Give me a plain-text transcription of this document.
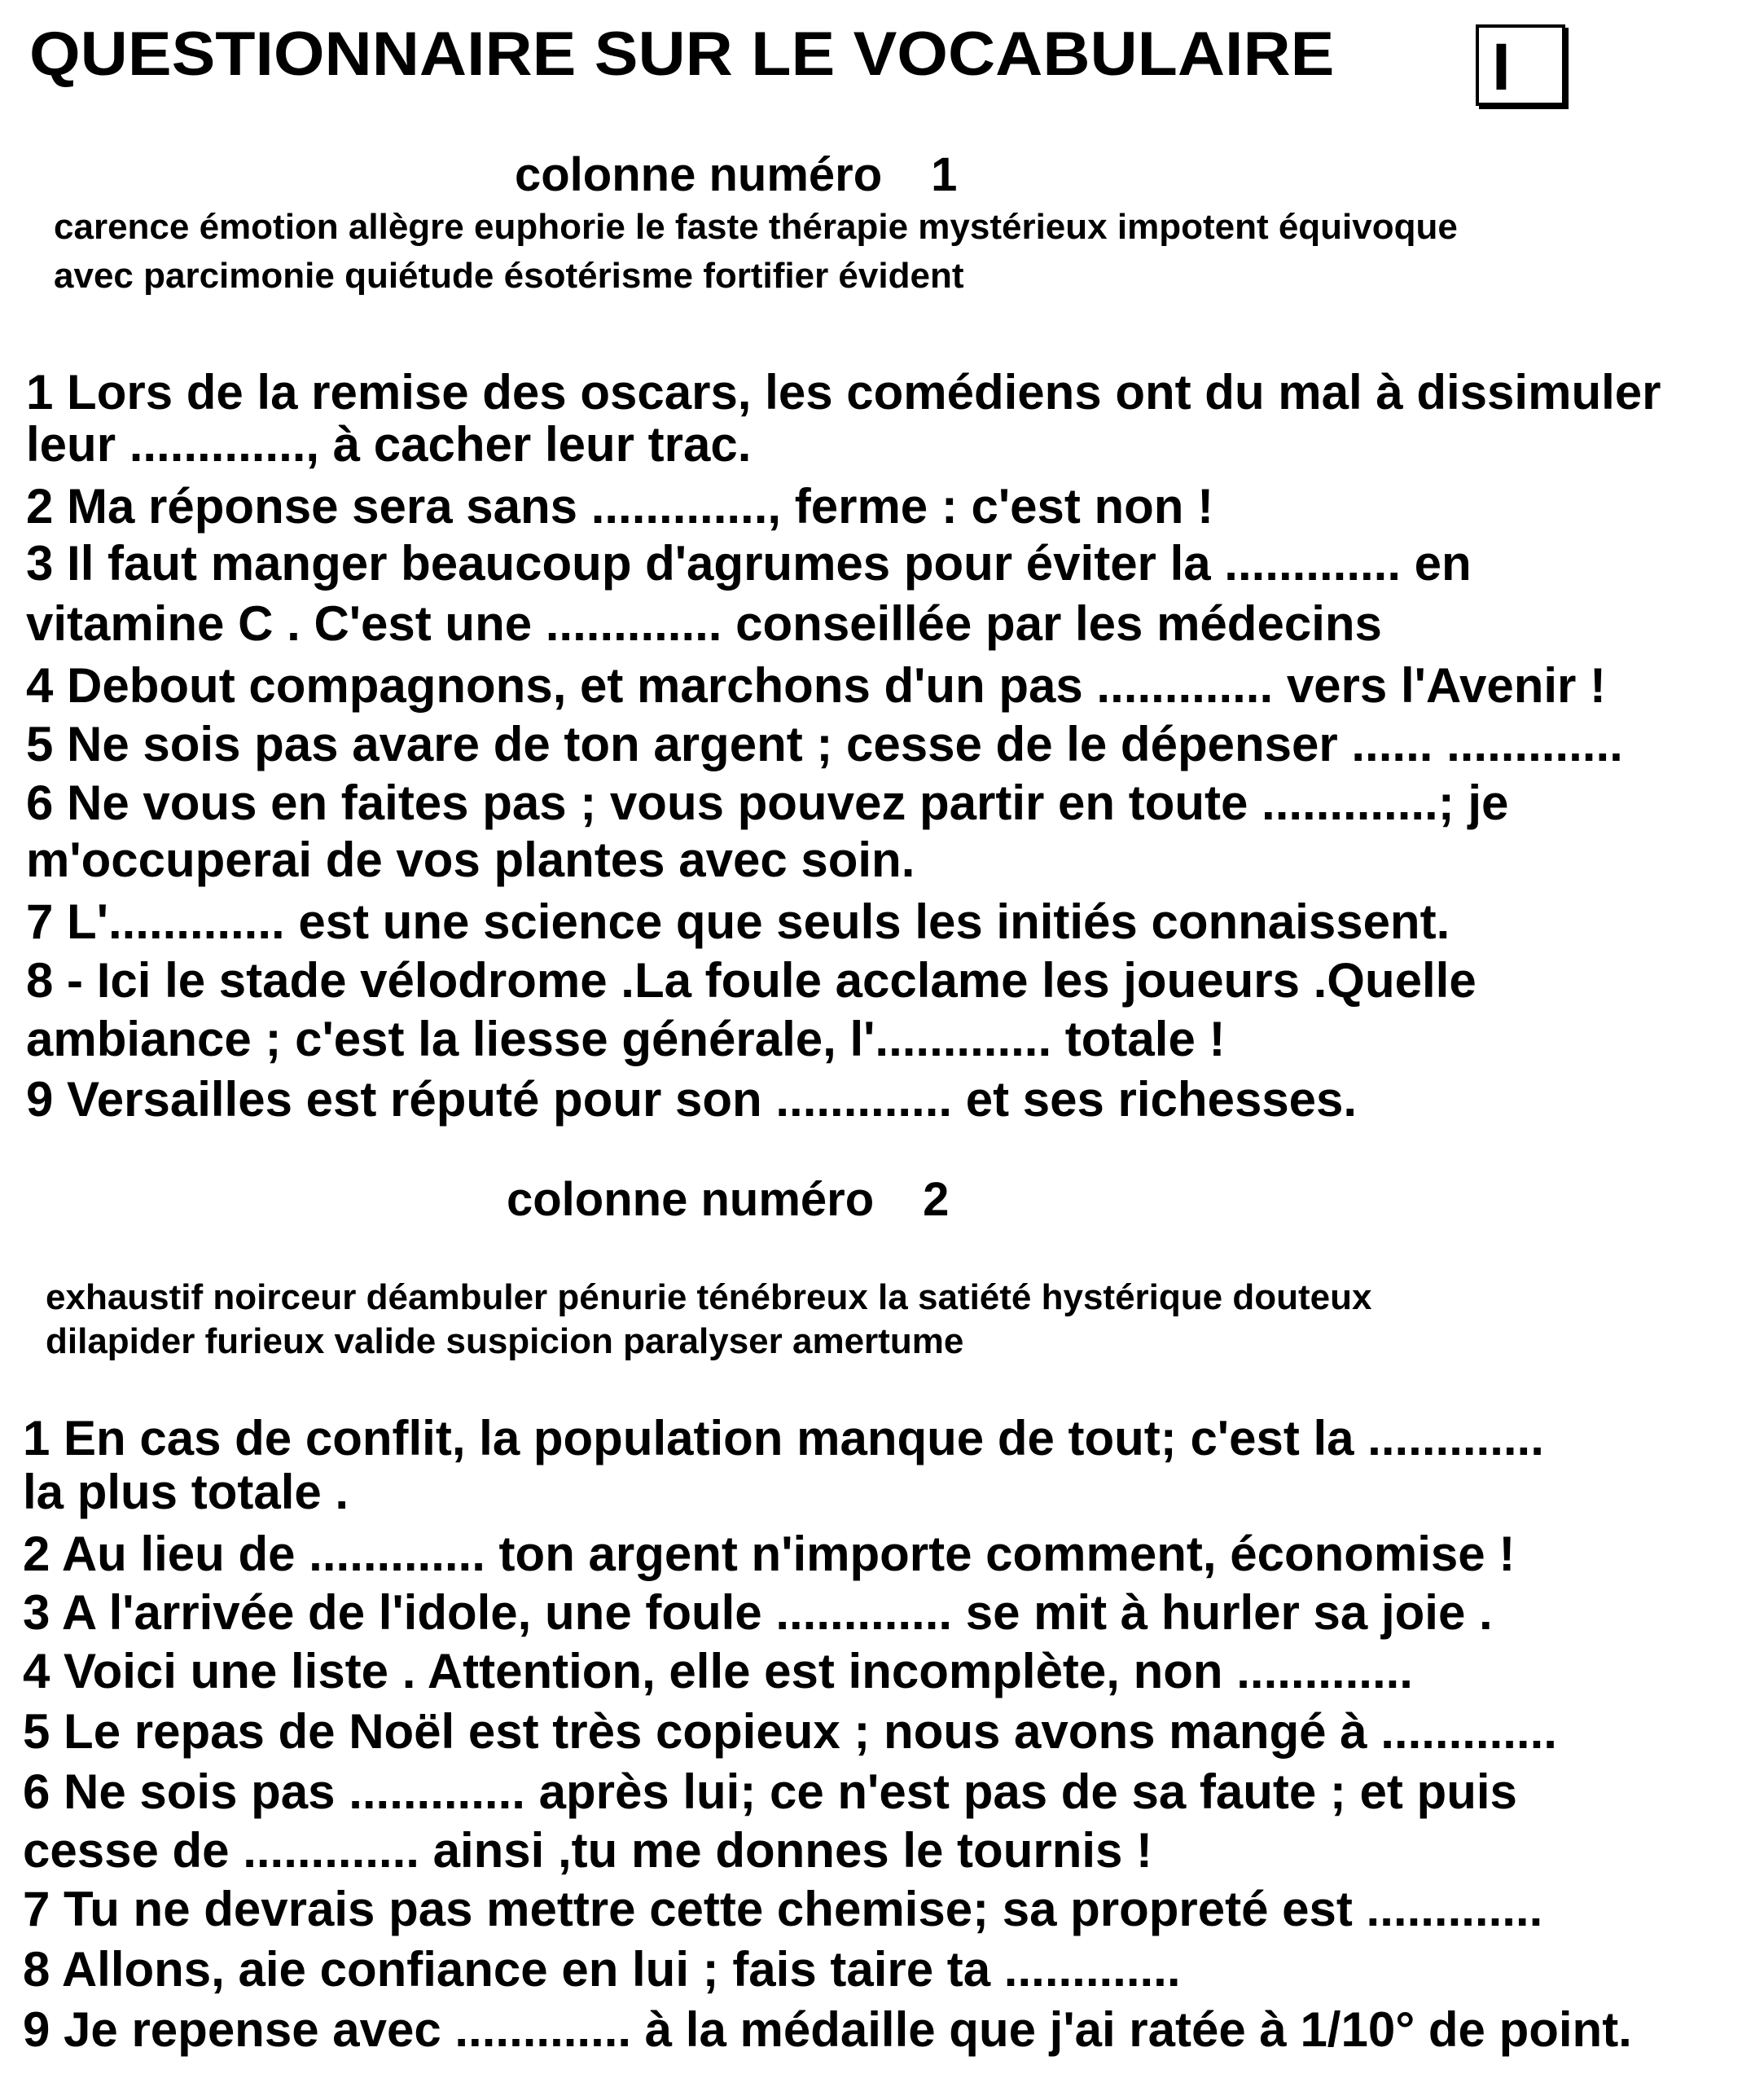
QUESTIONNAIRE SUR LE VOCABULAIRE I
colonne numéro 1
carence émotion allègre euphorie le faste thérapie mystérieux impotent équivoque
avec parcimonie quiétude ésotérisme fortifier évident
1 Lors de la remise des oscars, les comédiens ont du mal à dissimuler
leur ............., à cacher leur trac.
2 Ma réponse sera sans ............., ferme : c'est non !
3 Il faut manger beaucoup d'agrumes pour éviter la ............. en
vitamine C . C'est une ............. conseillée par les médecins
4 Debout compagnons, et marchons d'un pas ............. vers l'Avenir !
5 Ne sois pas avare de ton argent ; cesse de le dépenser ...... .............
6 Ne vous en faites pas ; vous pouvez partir en toute .............; je
m'occuperai de vos plantes avec soin.
7 L'............. est une science que seuls les initiés connaissent.
8 - Ici le stade vélodrome .La foule acclame les joueurs .Quelle
ambiance ; c'est la liesse générale, l'............. totale !
9 Versailles est réputé pour son ............. et ses richesses.
colonne numéro 2
exhaustif noirceur déambuler pénurie ténébreux la satiété hystérique douteux
dilapider furieux valide suspicion paralyser amertume
1 En cas de conflit, la population manque de tout; c'est la .............
la plus totale .
2 Au lieu de ............. ton argent n'importe comment, économise !
3 A l'arrivée de l'idole, une foule ............. se mit à hurler sa joie .
4 Voici une liste . Attention, elle est incomplète, non .............
5 Le repas de Noël est très copieux ; nous avons mangé à .............
6 Ne sois pas ............. après lui; ce n'est pas de sa faute ; et puis
cesse de ............. ainsi ,tu me donnes le tournis !
7 Tu ne devrais pas mettre cette chemise; sa propreté est .............
8 Allons, aie confiance en lui ; fais taire ta .............
9 Je repense avec ............. à la médaille que j'ai ratée à 1/10° de point.
